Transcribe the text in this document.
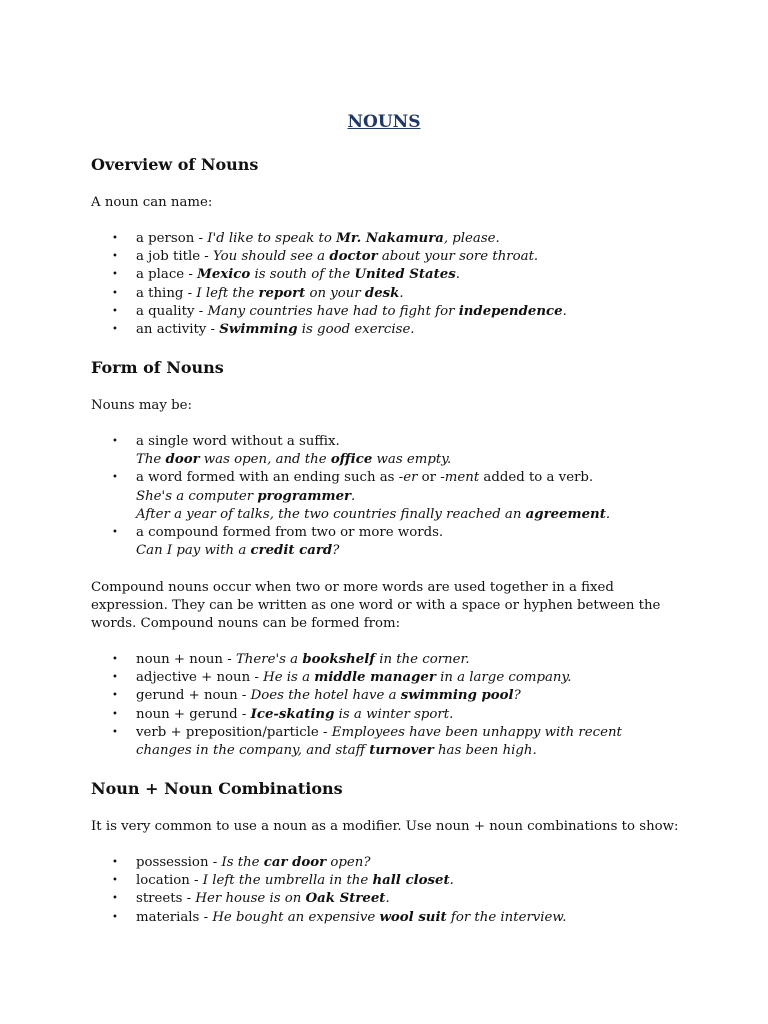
NOUNS
Overview of Nouns
A noun can name:
• a person - I'd like to speak to Mr. Nakamura, please.
• a job title - You should see a doctor about your sore throat.
• a place - Mexico is south of the United States.
• a thing - I left the report on your desk.
• a quality - Many countries have had to fight for independence.
• an activity - Swimming is good exercise.
Form of Nouns
Nouns may be:
• a single word without a suffix.
The door was open, and the office was empty.
• a word formed with an ending such as -er or -ment added to a verb.
She's a computer programmer.
After a year of talks, the two countries finally reached an agreement.
• a compound formed from two or more words.
Can I pay with a credit card?
Compound nouns occur when two or more words are used together in a fixed expression. They can be written as one word or with a space or hyphen between the words. Compound nouns can be formed from:
• noun + noun - There's a bookshelf in the corner.
• adjective + noun - He is a middle manager in a large company.
• gerund + noun - Does the hotel have a swimming pool?
• noun + gerund - Ice-skating is a winter sport.
• verb + preposition/particle - Employees have been unhappy with recent changes in the company, and staff turnover has been high.
Noun + Noun Combinations
It is very common to use a noun as a modifier. Use noun + noun combinations to show:
• possession - Is the car door open?
• location - I left the umbrella in the hall closet.
• streets - Her house is on Oak Street.
• materials - He bought an expensive wool suit for the interview.
